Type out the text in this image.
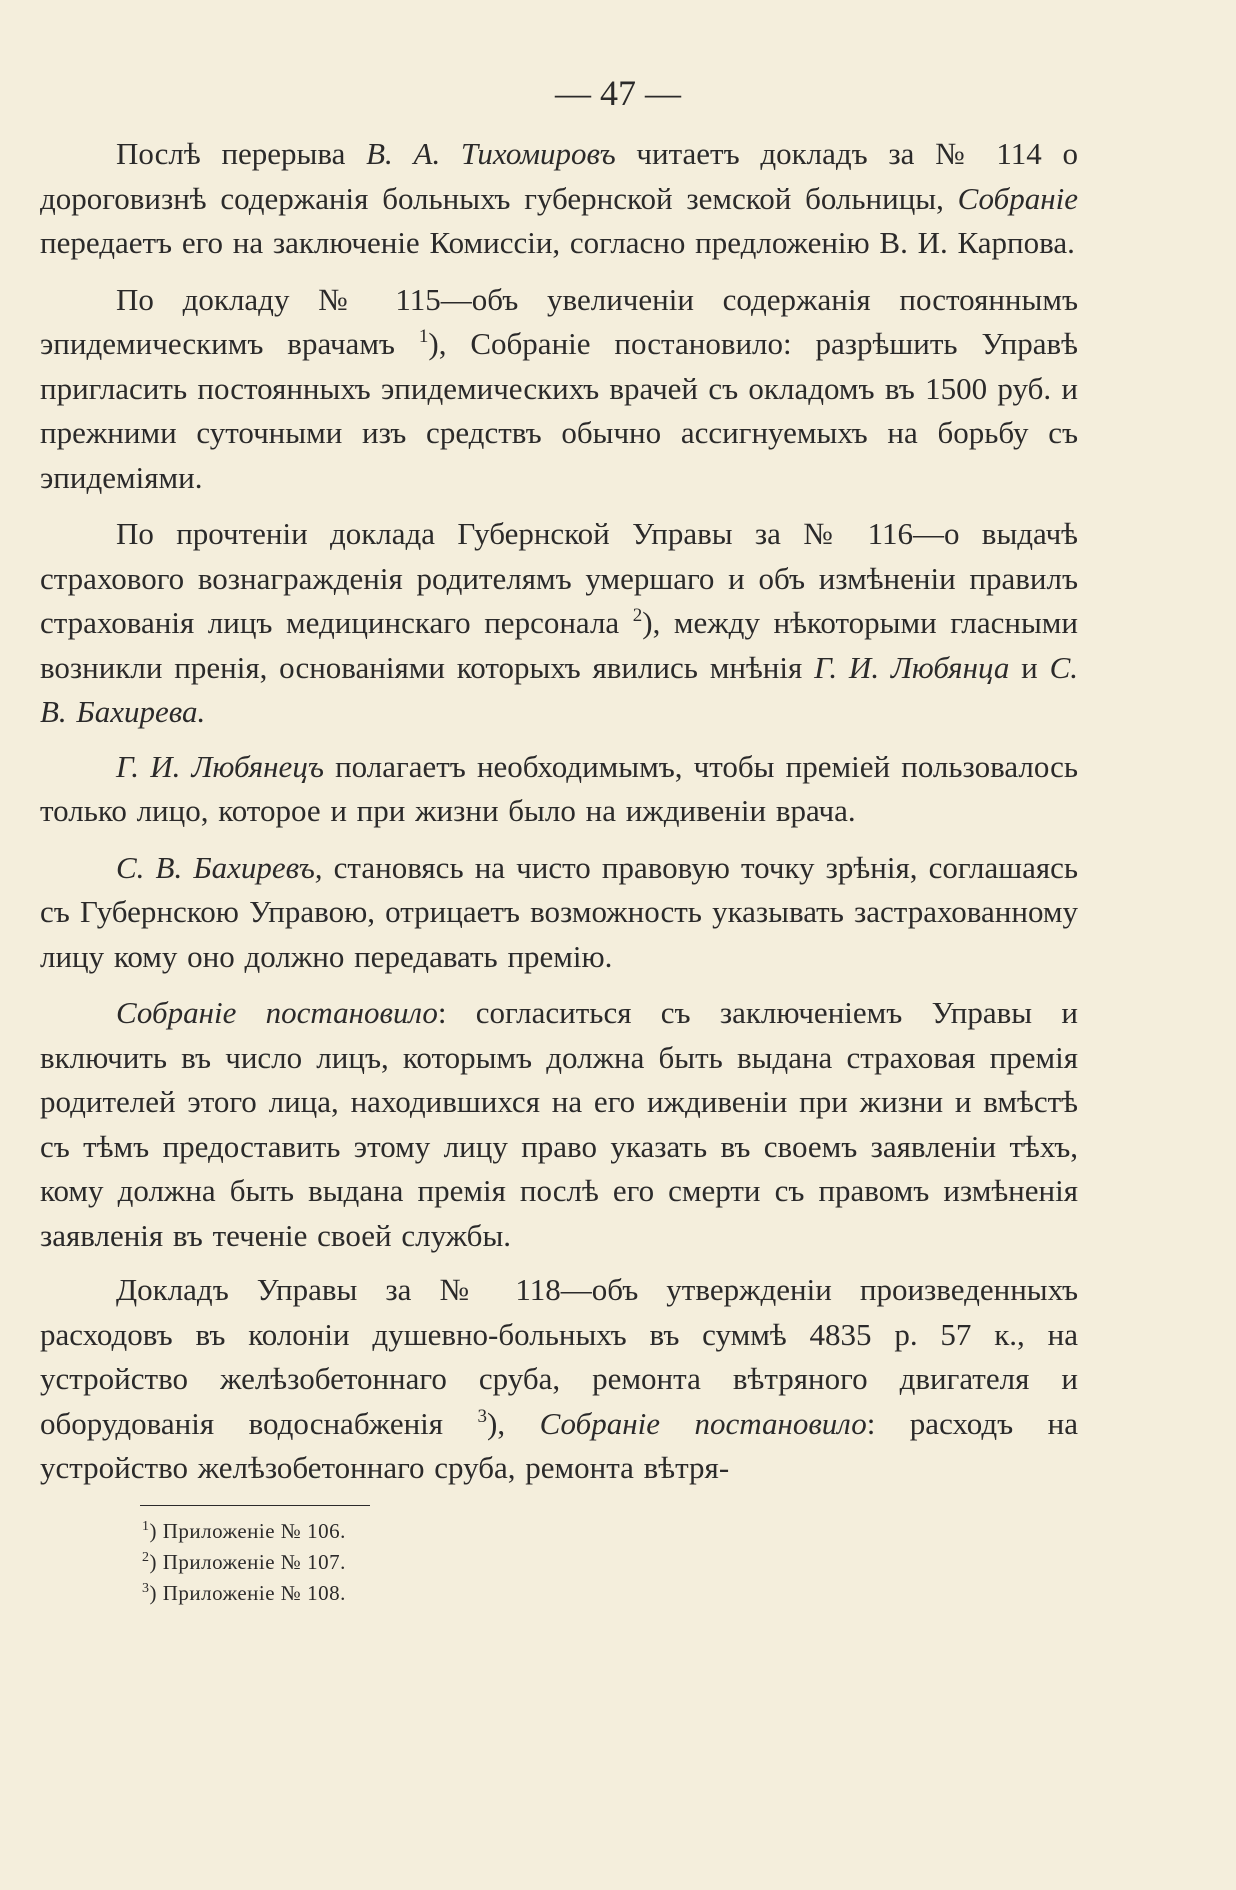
— 47 —

Послѣ перерыва В. А. Тихомировъ читаетъ докладъ за № 114 о дороговизнѣ содержанія больныхъ губернской земской больницы, Собраніе передаетъ его на заключеніе Комиссіи, согласно предложенію В. И. Карпова.

По докладу № 115—объ увеличеніи содержанія постояннымъ эпидемическимъ врачамъ $^1$), Собраніе постановило: разрѣшить Управѣ пригласить постоянныхъ эпидемическихъ врачей съ окладомъ въ 1500 руб. и прежними суточными изъ средствъ обычно ассигнуемыхъ на борьбу съ эпидеміями.

По прочтеніи доклада Губернской Управы за № 116—о выдачѣ страхового вознагражденія родителямъ умершаго и объ измѣненіи правилъ страхованія лицъ медицинскаго персонала $^2$), между нѣкоторыми гласными возникли пренія, основаніями которыхъ явились мнѣнія Г. И. Любянца и С. В. Бахирева.

Г. И. Любянецъ полагаетъ необходимымъ, чтобы преміей пользовалось только лицо, которое и при жизни было на иждивеніи врача.

С. В. Бахиревъ, становясь на чисто правовую точку зрѣнія, соглашаясь съ Губернскою Управою, отрицаетъ возможность указывать застрахованному лицу кому оно должно передавать премію.

Собраніе постановило: согласиться съ заключеніемъ Управы и включить въ число лицъ, которымъ должна быть выдана страховая премія родителей этого лица, находившихся на его иждивеніи при жизни и вмѣстѣ съ тѣмъ предоставить этому лицу право указать въ своемъ заявленіи тѣхъ, кому должна быть выдана премія послѣ его смерти съ правомъ измѣненія заявленія въ теченіе своей службы.

Докладъ Управы за № 118—объ утвержденіи произведенныхъ расходовъ въ колоніи душевно-больныхъ въ суммѣ 4835 р. 57 к., на устройство желѣзобетоннаго сруба, ремонта вѣтряного двигателя и оборудованія водоснабженія $^3$), Собраніе постановило: расходъ на устройство желѣзобетоннаго сруба, ремонта вѣтря-

$^1$) Приложеніе № 106.

$^2$) Приложеніе № 107.

$^3$) Приложеніе № 108.
